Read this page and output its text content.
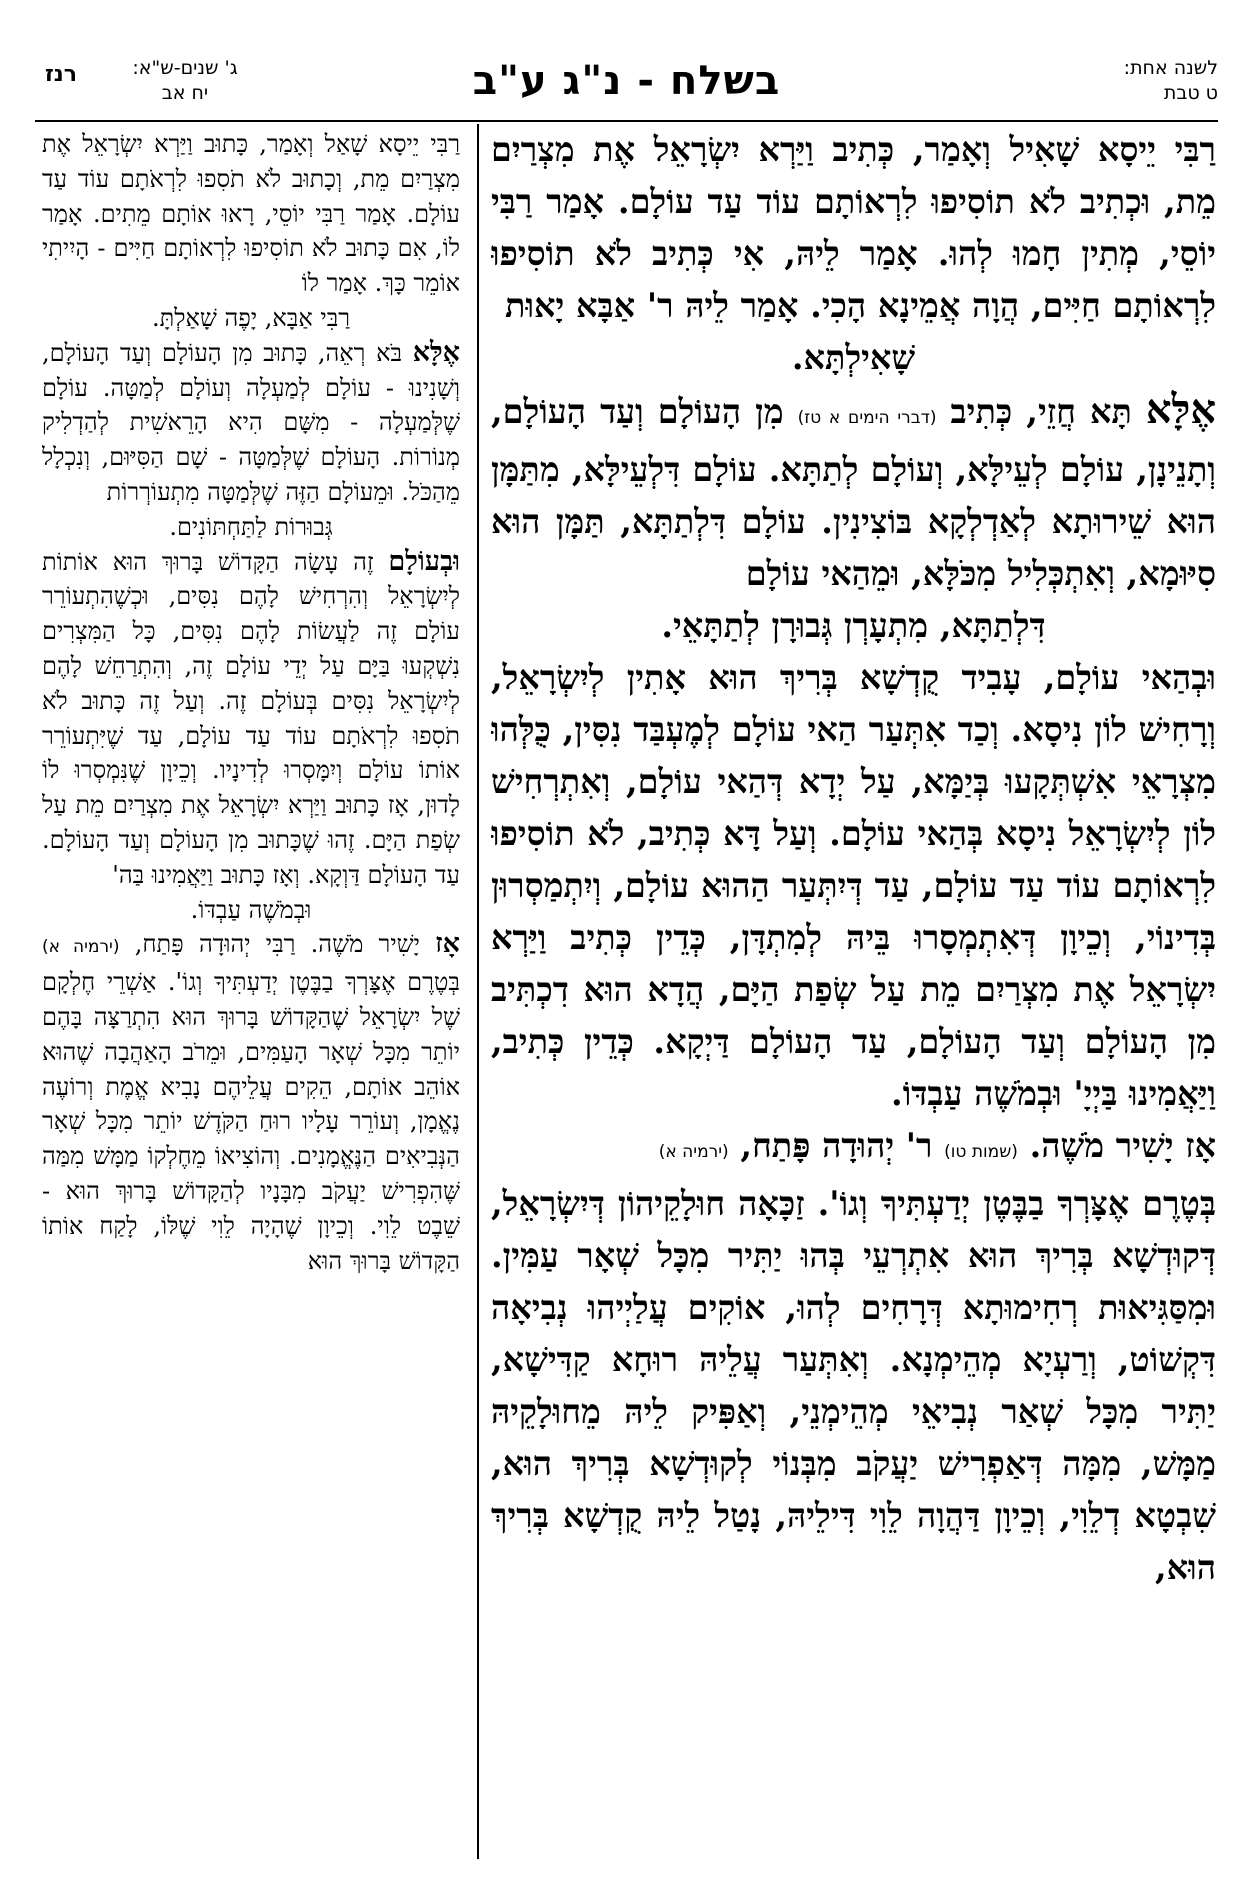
לשנה אחת:
ט טבת
בשלח - נ"ג ע"ב
ג' שנים-ש"א:
יח אב
רנז

רַבִּי יֵיסָא שָׁאִיל וְאָמַר, כְּתִיב וַיַּרְא יִשְׂרָאֵל אֶת מִצְרַיִם מֵת, וּכְתִיב לֹא תוֹסִיפוּ לִרְאוֹתָם עוֹד עַד עוֹלָם. אָמַר רַבִּי יוֹסֵי, מְתִין חָמוּ לְהוּ. אָמַר לֵיהּ, אִי כְּתִיב לֹא תוֹסִיפוּ לִרְאוֹתָם חַיִּים, הֲוָה אֲמֵינָא הָכִי. אָמַר לֵיהּ ר' אַבָּא יָאוּת

שָׁאִילְתָּא.

אֶלָּא תָּא חֲזֵי, כְּתִיב (דברי הימים א טז) מִן הָעוֹלָם וְעַד הָעוֹלָם, וְתָנֵינָן, עוֹלָם לְעֵילָּא, וְעוֹלָם לְתַתָּא. עוֹלָם דִּלְעֵילָּא, מִתַּמָּן הוּא שֵׁירוּתָא לְאַדְלְקָא בּוֹצִינִין. עוֹלָם דִּלְתַתָּא, תַּמָּן הוּא סִיּוּמָא, וְאִתְכְּלִיל מִכֹּלָּא, וּמֵהַאי עוֹלָם

דִּלְתַתָּא, מִתְעָרְן גְּבוּרָן לְתַתָּאֵי.

וּבְהַאי עוֹלָם, עָבִיד קֻדְשָׁא בְּרִיךְ הוּא אָתִין לְיִשְׂרָאֵל, וְרָחִישׁ לוֹן נִיסָא. וְכַד אִתְּעַר הַאי עוֹלָם לְמֶעְבַּד נִסִּין, כֻּלְּהוּ מִצְרָאֵי אִשְׁתְּקָעוּ בְּיַמָּא, עַל יְדָא דְּהַאי עוֹלָם, וְאִתְרְחִישׁ לוֹן לְיִשְׂרָאֵל נִיסָא בְּהַאי עוֹלָם. וְעַל דָּא כְּתִיב, לֹא תוֹסִיפוּ לִרְאוֹתָם עוֹד עַד עוֹלָם, עַד דְּיִתְּעַר הַהוּא עוֹלָם, וְיִתְמַסְרוּן בְּדִינוֹי, וְכֵיוָן דְּאִתְמְסָרוּ בֵּיהּ לְמִתְדָּן, כְּדֵין כְּתִיב וַיַּרְא יִשְׂרָאֵל אֶת מִצְרַיִם מֵת עַל שְׂפַת הַיָּם, הֲדָא הוּא דִכְתִּיב מִן הָעוֹלָם וְעַד הָעוֹלָם, עַד הָעוֹלָם דַּיְקָא. כְּדֵין כְּתִיב, וַיַּאֲמִינוּ בַּיְיָ' וּבְמֹשֶׁה עַבְדּוֹ.

אָז יָשִׁיר מֹשֶׁה. (שמות טו) ר' יְהוּדָה פָּתַח, (ירמיה א)

בְּטֶרֶם אֶצָּרְךָ בַבֶּטֶן יְדַעְתִּיךָ וְגוֹ'. זַכָּאָה חוּלָקֵיהוֹן דְּיִשְׂרָאֵל, דְּקוּדְשָׁא בְּרִיךְ הוּא אִתְרְעֵי בְּהוּ יַתִּיר מִכָּל שְׁאָר עַמִּין. וּמִסַּגִּיאוּת רְחִימוּתָא דְּרָחִים לְהוּ, אוֹקִים עֲלַיְיהוּ נְבִיאָה דִּקְשׁוֹט, וְרַעְיָא מְהֵימְנָא. וְאִתְּעַר עֲלֵיהּ רוּחָא קַדִּישָׁא, יַתִּיר מִכָּל שְׁאַר נְבִיאֵי מְהֵימְנֵי, וְאַפִּיק לֵיהּ מֵחוּלָקֵיהּ מַמָּשׁ, מִמָּה דְּאַפְרִישׁ יַעֲקֹב מִבְּנוֹי לְקוּדְשָׁא בְּרִיךְ הוּא, שִׁבְטָא דְלֵוִי, וְכֵיוָן דַּהֲוָה לֵוִי דִּילֵיהּ, נָטַל לֵיהּ קֻדְשָׁא בְּרִיךְ הוּא,

רַבִּי יֵיסָא שָׁאַל וְאָמַר, כָּתוּב וַיַּרְא יִשְׂרָאֵל אֶת מִצְרַיִם מֵת, וְכָתוּב לֹא תֹסִפוּ לִרְאֹתָם עוֹד עַד עוֹלָם. אָמַר רַבִּי יוֹסֵי, רָאוּ אוֹתָם מֵתִים. אָמַר לוֹ, אִם כָּתוּב לֹא תוֹסִיפוּ לִרְאוֹתָם חַיִּים - הָיִיתִי אוֹמֵר כָּךְ. אָמַר לוֹ

רַבִּי אַבָּא, יָפֶה שָׁאַלְתָּ.

אֶלָּא בֹּא רְאֵה, כָּתוּב מִן הָעוֹלָם וְעַד הָעוֹלָם, וְשָׁנִינוּ - עוֹלָם לְמַעְלָה וְעוֹלָם לְמַטָּה. עוֹלָם שֶׁלְּמַעְלָה - מִשָּׁם הִיא הָרֵאשִׁית לְהַדְלִיק מְנוֹרוֹת. הָעוֹלָם שֶׁלְּמַטָּה - שָׁם הַסִּיּוּם, וְנִכְלָל מֵהַכֹּל. וּמֵעוֹלָם הַזֶּה שֶׁלְּמַטָּה מִתְעוֹרְרוֹת

גְּבוּרוֹת לַתַּחְתּוֹנִים.

וּבְעוֹלָם זֶה עָשָׂה הַקָּדוֹשׁ בָּרוּךְ הוּא אוֹתוֹת לְיִשְׂרָאֵל וְהִרְחִישׁ לָהֶם נִסִּים, וּכְשֶׁהִתְעוֹרֵר עוֹלָם זֶה לַעֲשׂוֹת לָהֶם נִסִּים, כָּל הַמִּצְרִים נִשְׁקְעוּ בַּיָּם עַל יְדֵי עוֹלָם זֶה, וְהִתְרַחֵשׁ לָהֶם לְיִשְׂרָאֵל נִסִּים בְּעוֹלָם זֶה. וְעַל זֶה כָּתוּב לֹא תֹסִפוּ לִרְאֹתָם עוֹד עַד עוֹלָם, עַד שֶׁיִּתְעוֹרֵר אוֹתוֹ עוֹלָם וְיִמָּסְרוּ לְדִינָיו. וְכֵיוָן שֶׁנִּמְסְרוּ לוֹ לָדוּן, אָז כָּתוּב וַיַּרְא יִשְׂרָאֵל אֶת מִצְרַיִם מֵת עַל שְׂפַת הַיָּם. זֶהוּ שֶׁכָּתוּב מִן הָעוֹלָם וְעַד הָעוֹלָם. עַד הָעוֹלָם דַּוְקָא. וְאָז כָּתוּב וַיַּאֲמִינוּ בַּה'

וּבְמֹשֶׁה עַבְדּוֹ.

אָז יָשִׁיר מֹשֶׁה. רַבִּי יְהוּדָה פָּתַח, (ירמיה א) בְּטֶרֶם אֶצָּרְךָ בַבֶּטֶן יְדַעְתִּיךָ וְגוֹ'. אַשְׁרֵי חֶלְקָם שֶׁל יִשְׂרָאֵל שֶׁהַקָּדוֹשׁ בָּרוּךְ הוּא הִתְרַצָּה בָּהֶם יוֹתֵר מִכָּל שְׁאָר הָעַמִּים, וּמֵרֹב הָאַהֲבָה שֶׁהוּא אוֹהֵב אוֹתָם, הֵקִים עֲלֵיהֶם נָבִיא אֱמֶת וְרוֹעֶה נֶאֱמָן, וְעוֹרֵר עָלָיו רוּחַ הַקֹּדֶשׁ יוֹתֵר מִכָּל שְׁאָר הַנְּבִיאִים הַנֶּאֱמָנִים. וְהוֹצִיאוֹ מֵחֶלְקוֹ מַמָּשׁ מִמַּה שֶּׁהִפְרִישׁ יַעֲקֹב מִבָּנָיו לְהַקָּדוֹשׁ בָּרוּךְ הוּא - שֵׁבֶט לֵוִי. וְכֵיוָן שֶׁהָיָה לֵוִי שֶׁלּוֹ, לָקַח אוֹתוֹ הַקָּדוֹשׁ בָּרוּךְ הוּא
